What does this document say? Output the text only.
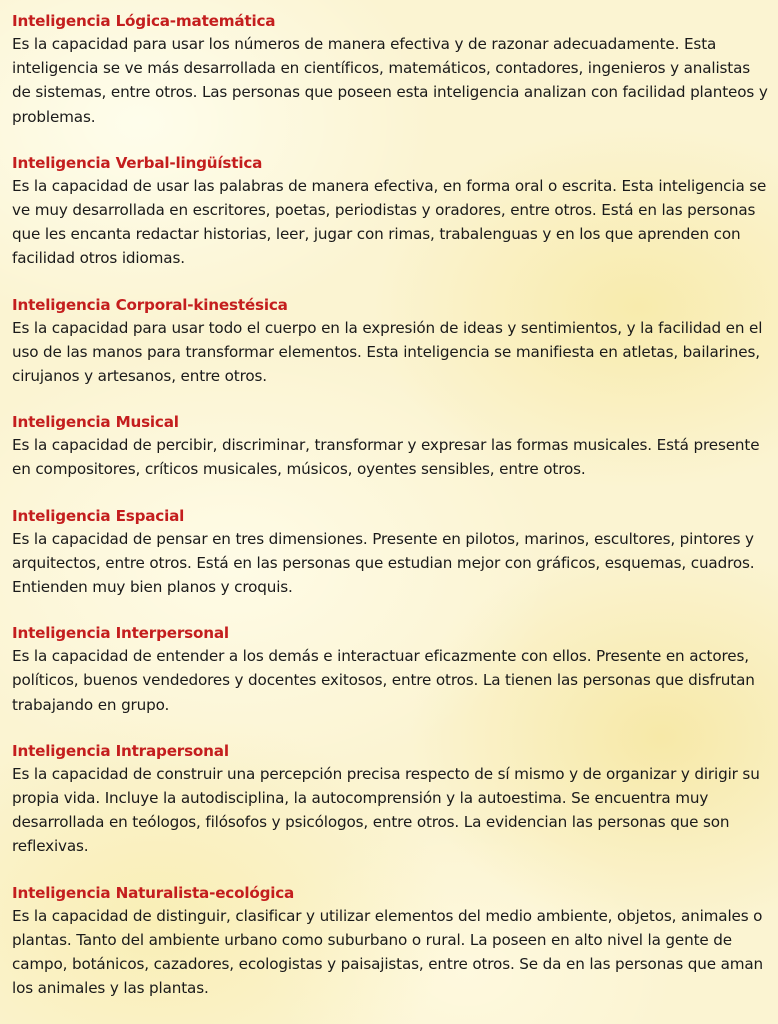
Inteligencia Lógica-matemática

Es la capacidad para usar los números de manera efectiva y de razonar adecuadamente. Esta inteligencia se ve más desarrollada en científicos, matemáticos, contadores, ingenieros y analistas de sistemas, entre otros. Las personas que poseen esta inteligencia analizan con facilidad planteos y problemas.

Inteligencia Verbal-lingüística

Es la capacidad de usar las palabras de manera efectiva, en forma oral o escrita. Esta inteligencia se ve muy desarrollada en escritores, poetas, periodistas y oradores, entre otros. Está en las personas que les encanta redactar historias, leer, jugar con rimas, trabalenguas y en los que aprenden con facilidad otros idiomas.

Inteligencia Corporal-kinestésica

Es la capacidad para usar todo el cuerpo en la expresión de ideas y sentimientos, y la facilidad en el uso de las manos para transformar elementos. Esta inteligencia se manifiesta en atletas, bailarines, cirujanos y artesanos, entre otros.

Inteligencia Musical

Es la capacidad de percibir, discriminar, transformar y expresar las formas musicales. Está presente en compositores, críticos musicales, músicos, oyentes sensibles, entre otros.

Inteligencia Espacial

Es la capacidad de pensar en tres dimensiones. Presente en pilotos, marinos, escultores, pintores y arquitectos, entre otros. Está en las personas que estudian mejor con gráficos, esquemas, cuadros. Entienden muy bien planos y croquis.

Inteligencia Interpersonal

Es la capacidad de entender a los demás e interactuar eficazmente con ellos. Presente en actores, políticos, buenos vendedores y docentes exitosos, entre otros. La tienen las personas que disfrutan trabajando en grupo.

Inteligencia Intrapersonal

Es la capacidad de construir una percepción precisa respecto de sí mismo y de organizar y dirigir su propia vida. Incluye la autodisciplina, la autocomprensión y la autoestima. Se encuentra muy desarrollada en teólogos, filósofos y psicólogos, entre otros. La evidencian las personas que son reflexivas.

Inteligencia Naturalista-ecológica

Es la capacidad de distinguir, clasificar y utilizar elementos del medio ambiente, objetos, animales o plantas. Tanto del ambiente urbano como suburbano o rural. La poseen en alto nivel la gente de campo, botánicos, cazadores, ecologistas y paisajistas, entre otros. Se da en las personas que aman los animales y las plantas.
